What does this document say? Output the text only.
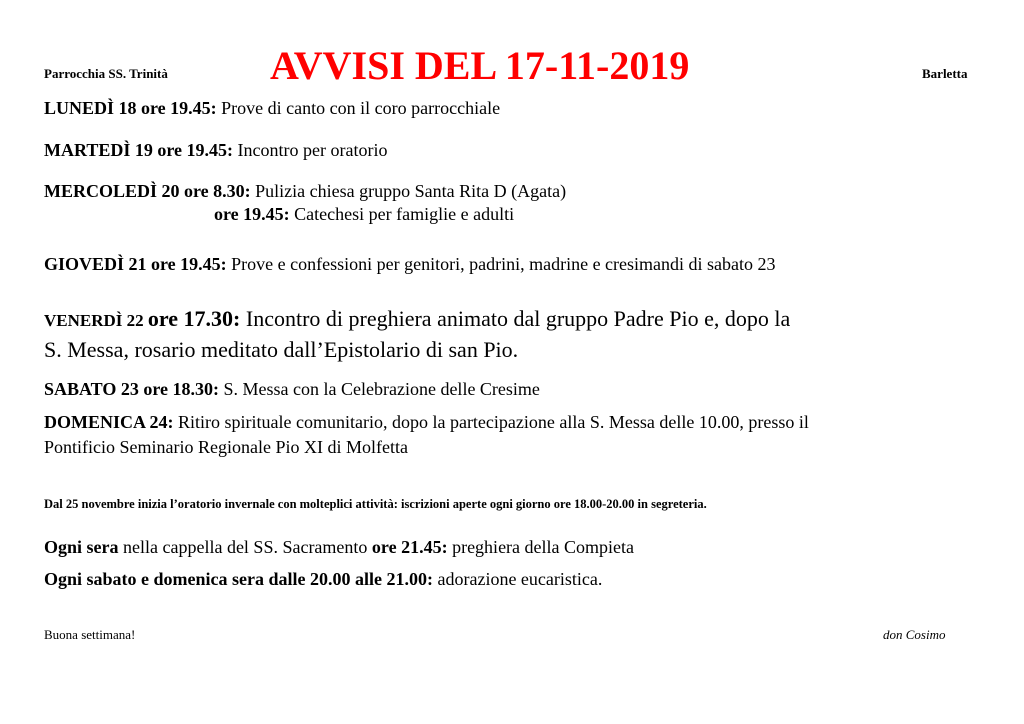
Parrocchia SS. Trinità	AVVISI DEL 17-11-2019	Barletta
LUNEDÌ 18 ore 19.45: Prove di canto con il coro parrocchiale
MARTEDÌ 19 ore 19.45: Incontro per oratorio
MERCOLEDÌ 20 ore 8.30: Pulizia chiesa gruppo Santa Rita D (Agata)
ore 19.45: Catechesi per famiglie e adulti
GIOVEDÌ 21 ore 19.45: Prove e confessioni per genitori, padrini, madrine e cresimandi di sabato 23
VENERDÌ 22 ore 17.30: Incontro di preghiera animato dal gruppo Padre Pio e, dopo la
S. Messa, rosario meditato dall’Epistolario di san Pio.
SABATO 23 ore 18.30: S. Messa con la Celebrazione delle Cresime
DOMENICA 24: Ritiro spirituale comunitario, dopo la partecipazione alla S. Messa delle 10.00, presso il
Pontificio Seminario Regionale Pio XI di Molfetta
Dal 25 novembre inizia l’oratorio invernale con molteplici attività: iscrizioni aperte ogni giorno ore 18.00-20.00 in segreteria.
Ogni sera nella cappella del SS. Sacramento ore 21.45: preghiera della Compieta
Ogni sabato e domenica sera dalle 20.00 alle 21.00: adorazione eucaristica.
Buona settimana!	don Cosimo
